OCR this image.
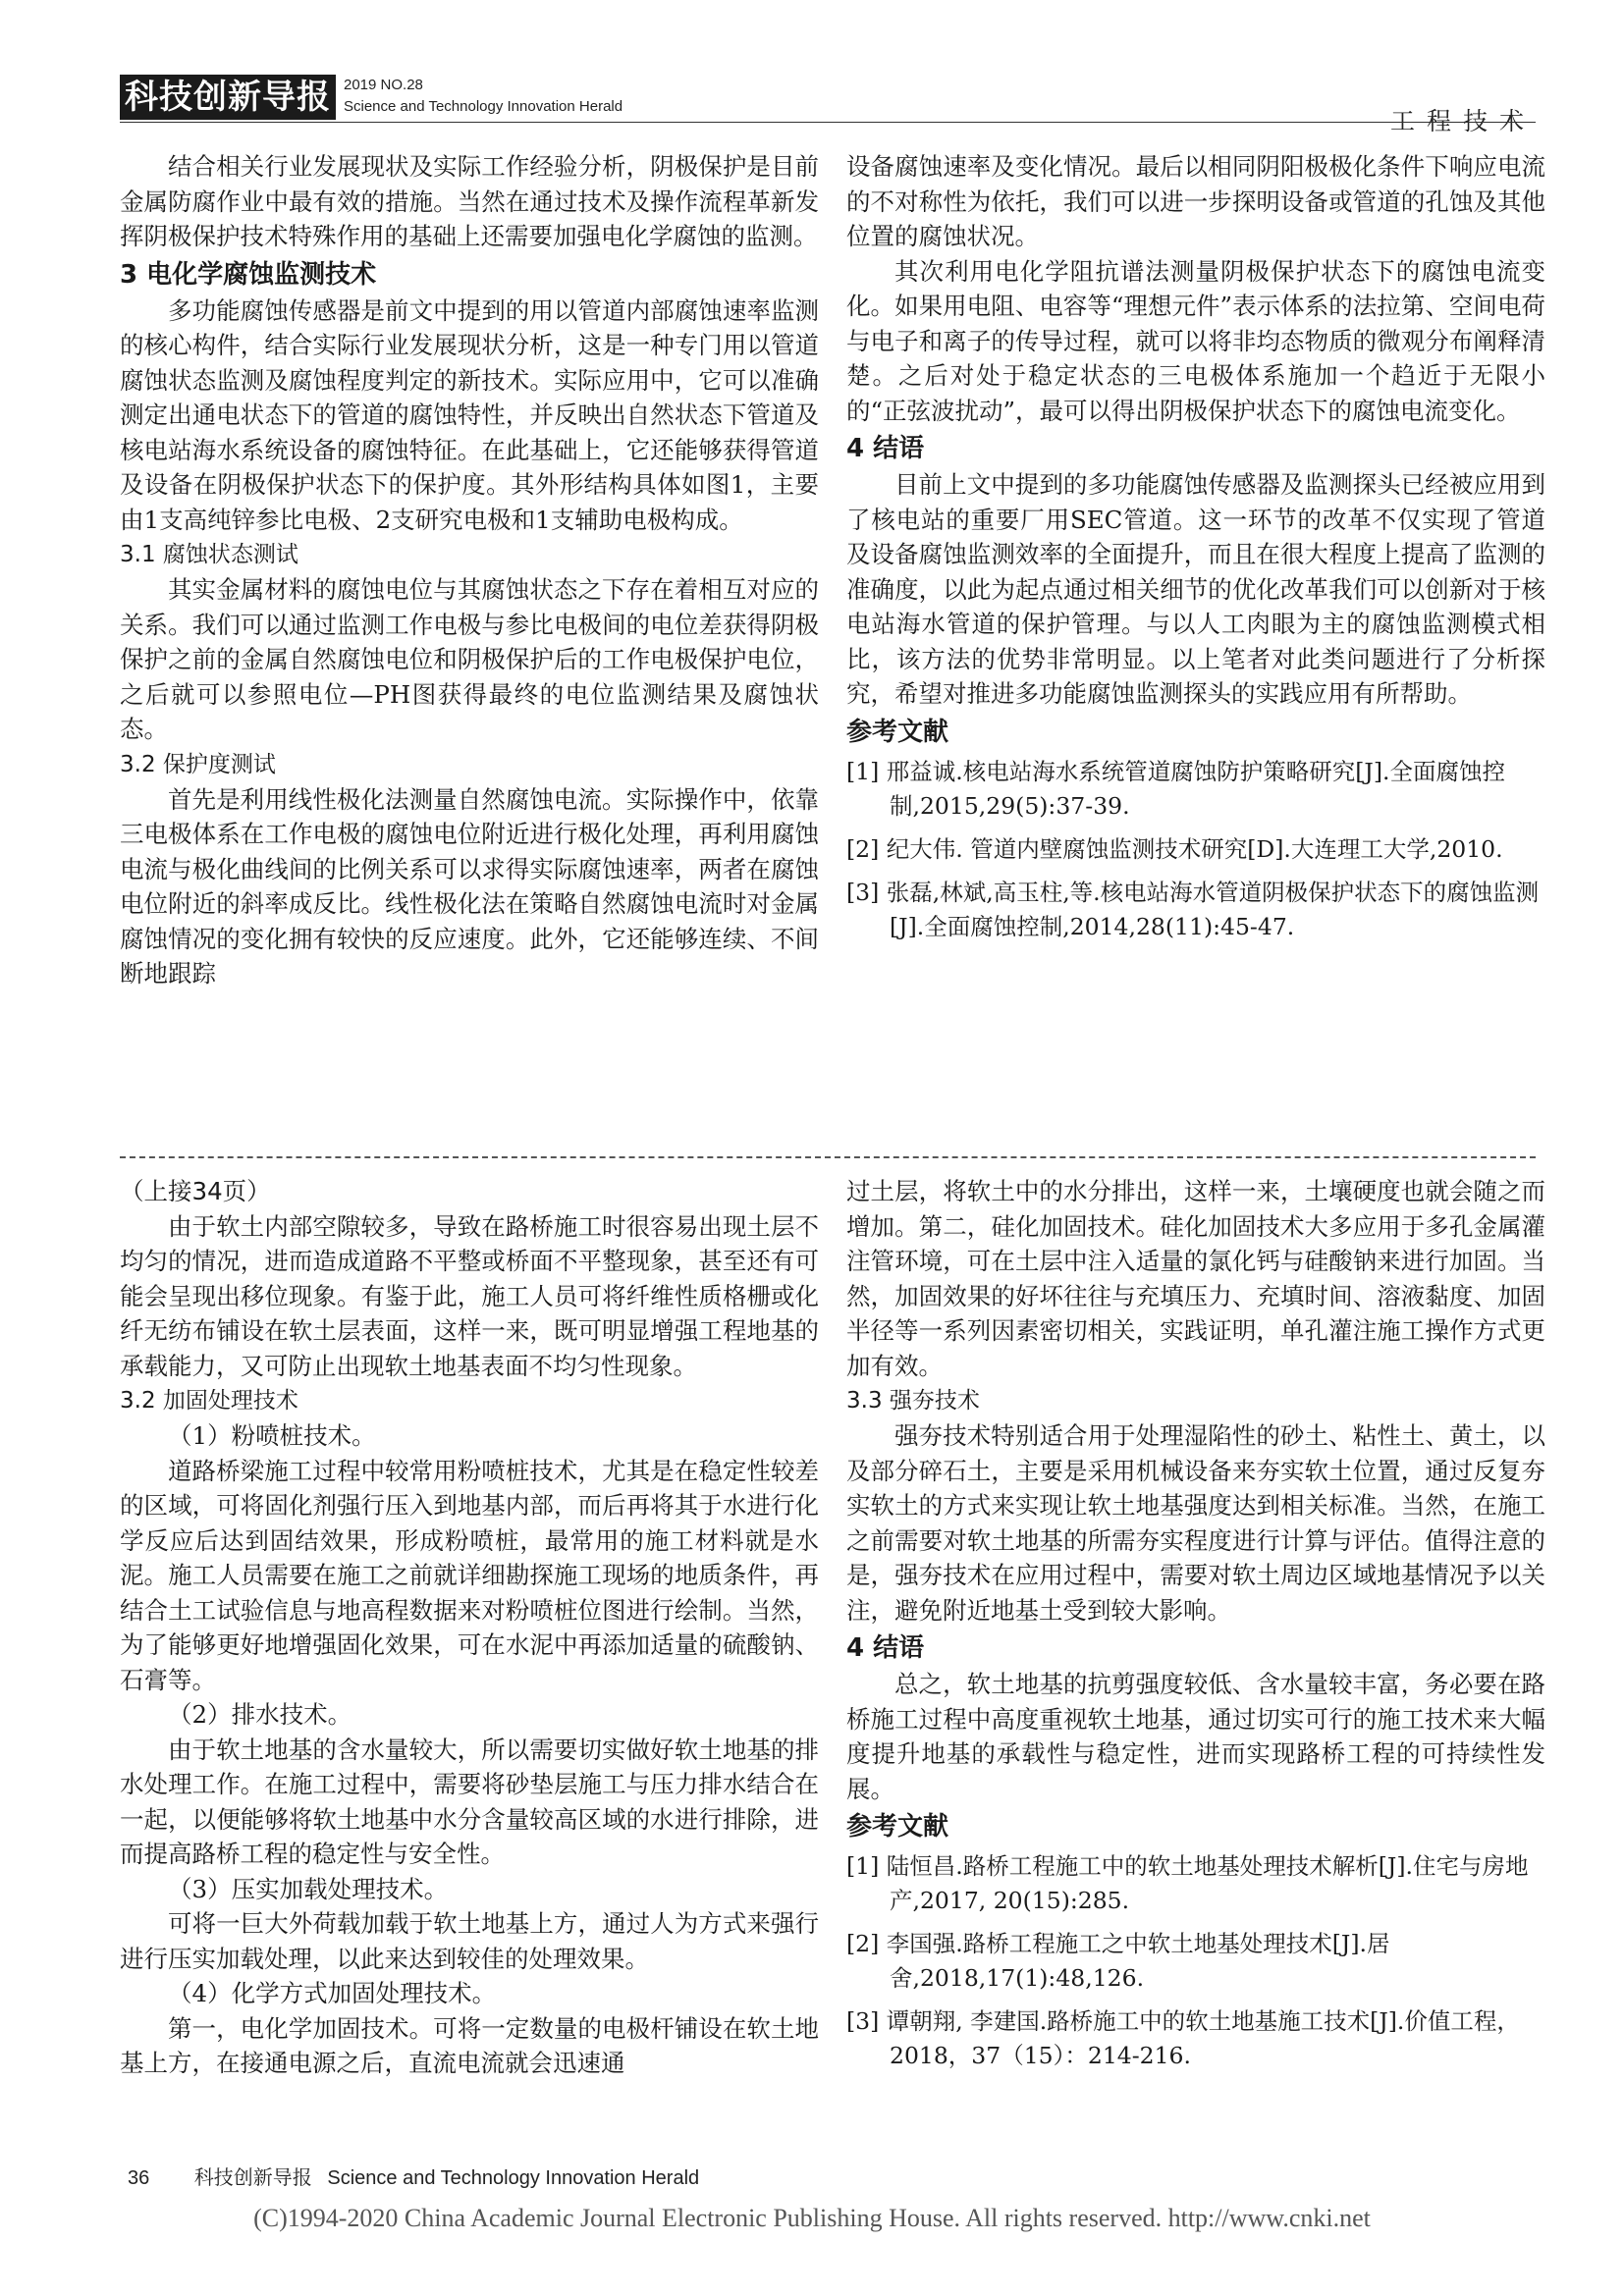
科技创新导报 2019 NO.28
Science and Technology Innovation Herald
工程技术

结合相关行业发展现状及实际工作经验分析，阴极保护是目前金属防腐作业中最有效的措施。当然在通过技术及操作流程革新发挥阴极保护技术特殊作用的基础上还需要加强电化学腐蚀的监测。

3 电化学腐蚀监测技术

多功能腐蚀传感器是前文中提到的用以管道内部腐蚀速率监测的核心构件，结合实际行业发展现状分析，这是一种专门用以管道腐蚀状态监测及腐蚀程度判定的新技术。实际应用中，它可以准确测定出通电状态下的管道的腐蚀特性，并反映出自然状态下管道及核电站海水系统设备的腐蚀特征。在此基础上，它还能够获得管道及设备在阴极保护状态下的保护度。其外形结构具体如图1，主要由1支高纯锌参比电极、2支研究电极和1支辅助电极构成。

3.1 腐蚀状态测试

其实金属材料的腐蚀电位与其腐蚀状态之下存在着相互对应的关系。我们可以通过监测工作电极与参比电极间的电位差获得阴极保护之前的金属自然腐蚀电位和阴极保护后的工作电极保护电位，之后就可以参照电位—PH图获得最终的电位监测结果及腐蚀状态。

3.2 保护度测试

首先是利用线性极化法测量自然腐蚀电流。实际操作中，依靠三电极体系在工作电极的腐蚀电位附近进行极化处理，再利用腐蚀电流与极化曲线间的比例关系可以求得实际腐蚀速率，两者在腐蚀电位附近的斜率成反比。线性极化法在策略自然腐蚀电流时对金属腐蚀情况的变化拥有较快的反应速度。此外，它还能够连续、不间断地跟踪

设备腐蚀速率及变化情况。最后以相同阴阳极极化条件下响应电流的不对称性为依托，我们可以进一步探明设备或管道的孔蚀及其他位置的腐蚀状况。

其次利用电化学阻抗谱法测量阴极保护状态下的腐蚀电流变化。如果用电阻、电容等“理想元件”表示体系的法拉第、空间电荷与电子和离子的传导过程，就可以将非均态物质的微观分布阐释清楚。之后对处于稳定状态的三电极体系施加一个趋近于无限小的“正弦波扰动”，最可以得出阴极保护状态下的腐蚀电流变化。

4 结语

目前上文中提到的多功能腐蚀传感器及监测探头已经被应用到了核电站的重要厂用SEC管道。这一环节的改革不仅实现了管道及设备腐蚀监测效率的全面提升，而且在很大程度上提高了监测的准确度，以此为起点通过相关细节的优化改革我们可以创新对于核电站海水管道的保护管理。与以人工肉眼为主的腐蚀监测模式相比，该方法的优势非常明显。以上笔者对此类问题进行了分析探究，希望对推进多功能腐蚀监测探头的实践应用有所帮助。

参考文献
[1] 邢益诚.核电站海水系统管道腐蚀防护策略研究[J].全面腐蚀控制,2015,29(5):37-39.
[2] 纪大伟. 管道内壁腐蚀监测技术研究[D].大连理工大学,2010.
[3] 张磊,林斌,高玉柱,等.核电站海水管道阴极保护状态下的腐蚀监测[J].全面腐蚀控制,2014,28(11):45-47.

（上接34页）

由于软土内部空隙较多，导致在路桥施工时很容易出现土层不均匀的情况，进而造成道路不平整或桥面不平整现象，甚至还有可能会呈现出移位现象。有鉴于此，施工人员可将纤维性质格栅或化纤无纺布铺设在软土层表面，这样一来，既可明显增强工程地基的承载能力，又可防止出现软土地基表面不均匀性现象。

3.2 加固处理技术

（1）粉喷桩技术。

道路桥梁施工过程中较常用粉喷桩技术，尤其是在稳定性较差的区域，可将固化剂强行压入到地基内部，而后再将其于水进行化学反应后达到固结效果，形成粉喷桩，最常用的施工材料就是水泥。施工人员需要在施工之前就详细勘探施工现场的地质条件，再结合土工试验信息与地高程数据来对粉喷桩位图进行绘制。当然，为了能够更好地增强固化效果，可在水泥中再添加适量的硫酸钠、石膏等。

（2）排水技术。

由于软土地基的含水量较大，所以需要切实做好软土地基的排水处理工作。在施工过程中，需要将砂垫层施工与压力排水结合在一起，以便能够将软土地基中水分含量较高区域的水进行排除，进而提高路桥工程的稳定性与安全性。

（3）压实加载处理技术。

可将一巨大外荷载加载于软土地基上方，通过人为方式来强行进行压实加载处理，以此来达到较佳的处理效果。

（4）化学方式加固处理技术。

第一，电化学加固技术。可将一定数量的电极杆铺设在软土地基上方，在接通电源之后，直流电流就会迅速通

过土层，将软土中的水分排出，这样一来，土壤硬度也就会随之而增加。第二，硅化加固技术。硅化加固技术大多应用于多孔金属灌注管环境，可在土层中注入适量的氯化钙与硅酸钠来进行加固。当然，加固效果的好坏往往与充填压力、充填时间、溶液黏度、加固半径等一系列因素密切相关，实践证明，单孔灌注施工操作方式更加有效。

3.3 强夯技术

强夯技术特别适合用于处理湿陷性的砂土、粘性土、黄土，以及部分碎石土，主要是采用机械设备来夯实软土位置，通过反复夯实软土的方式来实现让软土地基强度达到相关标准。当然，在施工之前需要对软土地基的所需夯实程度进行计算与评估。值得注意的是，强夯技术在应用过程中，需要对软土周边区域地基情况予以关注，避免附近地基土受到较大影响。

4 结语

总之，软土地基的抗剪强度较低、含水量较丰富，务必要在路桥施工过程中高度重视软土地基，通过切实可行的施工技术来大幅度提升地基的承载性与稳定性，进而实现路桥工程的可持续性发展。

参考文献
[1] 陆恒昌.路桥工程施工中的软土地基处理技术解析[J].住宅与房地产,2017, 20(15):285.
[2] 李国强.路桥工程施工之中软土地基处理技术[J].居舍,2018,17(1):48,126.
[3] 谭朝翔, 李建国.路桥施工中的软土地基施工技术[J].价值工程，2018，37（15）：214-216.
36 科技创新导报 Science and Technology Innovation Herald
(C)1994-2020 China Academic Journal Electronic Publishing House. All rights reserved. http://www.cnki.net
